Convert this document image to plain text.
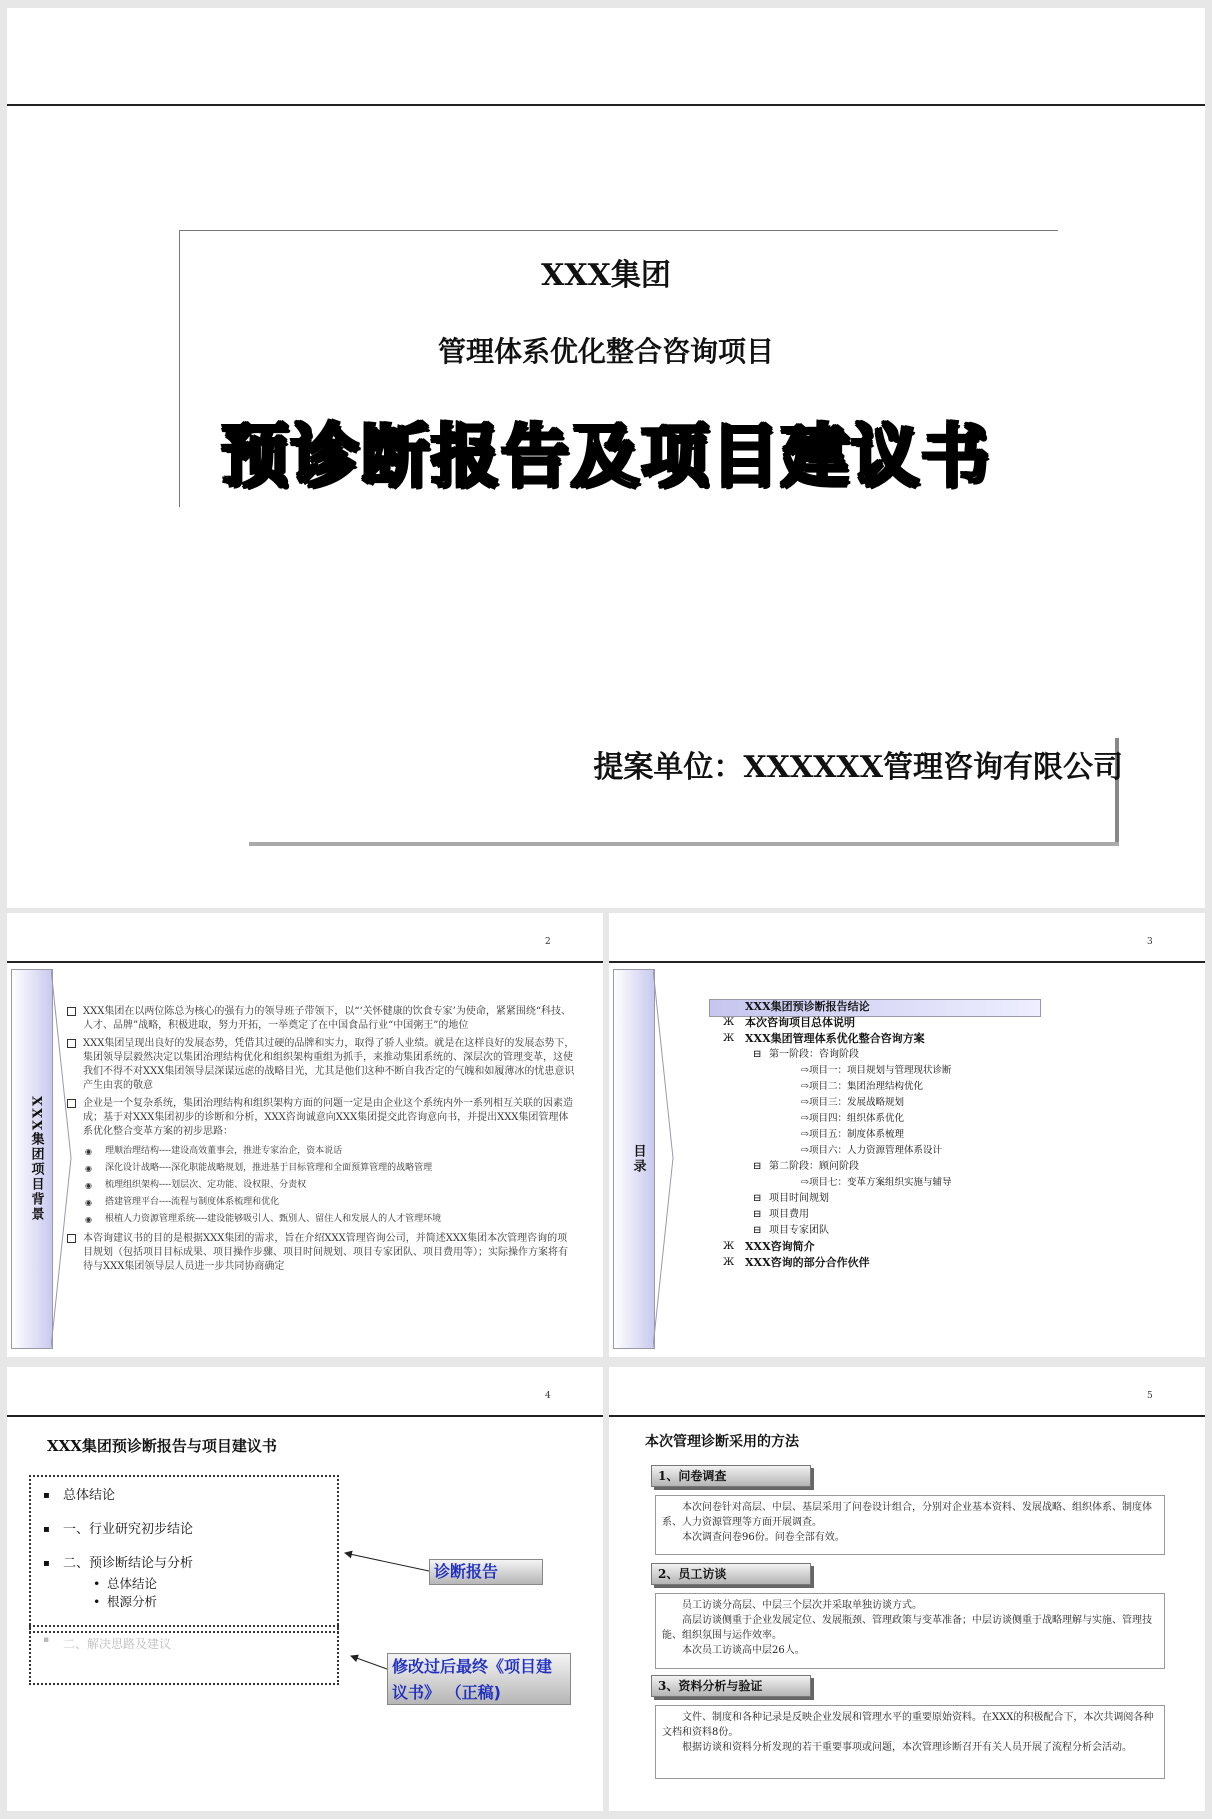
XXX集团
管理体系优化整合咨询项目
预诊断报告及项目建议书
提案单位：XXXXXX管理咨询有限公司
2
XXX集团项目背景
XXX集团在以两位陈总为核心的强有力的领导班子带领下，以“‘关怀健康的饮食专家’为使命，紧紧围绕“科技、人才、品牌”战略，积极进取，努力开拓，一举奠定了在中国食品行业“中国粥王”的地位
XXX集团呈现出良好的发展态势，凭借其过硬的品牌和实力，取得了骄人业绩。就是在这样良好的发展态势下，集团领导层毅然决定以集团治理结构优化和组织架构重组为抓手，来推动集团系统的、深层次的管理变革，这使我们不得不对XXX集团领导层深谋远虑的战略目光，尤其是他们这种不断自我否定的气魄和如履薄冰的忧患意识产生由衷的敬意
企业是一个复杂系统，集团治理结构和组织架构方面的问题一定是由企业这个系统内外一系列相互关联的因素造成；基于对XXX集团初步的诊断和分析，XXX咨询诚意向XXX集团提交此咨询意向书，并提出XXX集团管理体系优化整合变革方案的初步思路：
◉ 理顺治理结构----建设高效董事会，推进专家治企，资本说话
◉ 深化设计战略----深化职能战略规划，推进基于目标管理和全面预算管理的战略管理
◉ 梳理组织架构----划层次、定功能、设权限、分责权
◉ 搭建管理平台----流程与制度体系梳理和优化
◉ 根植人力资源管理系统----建设能够吸引人、甄别人、留住人和发展人的人才管理环境
本咨询建议书的目的是根据XXX集团的需求，旨在介绍XXX管理咨询公司，并简述XXX集团本次管理咨询的项目规划（包括项目目标成果、项目操作步骤、项目时间规划、项目专家团队、项目费用等）；实际操作方案将有待与XXX集团领导层人员进一步共同协商确定
3
目录
Ж XXX集团预诊断报告结论
Ж 本次咨询项目总体说明
Ж XXX集团管理体系优化整合咨询方案
⊟ 第一阶段：咨询阶段
⇨项目一：项目规划与管理现状诊断
⇨项目二：集团治理结构优化
⇨项目三：发展战略规划
⇨项目四：组织体系优化
⇨项目五：制度体系梳理
⇨项目六：人力资源管理体系设计
⊟ 第二阶段：顾问阶段
⇨项目七：变革方案组织实施与辅导
⊟ 项目时间规划
⊟ 项目费用
⊟ 项目专家团队
Ж XXX咨询简介
Ж XXX咨询的部分合作伙伴
4
XXX集团预诊断报告与项目建议书
▪ 总体结论
▪ 一、行业研究初步结论
▪ 二、预诊断结论与分析
• 总体结论
• 根源分析
▪ 二、解决思路及建议
诊断报告
修改过后最终《项目建议书》 （正稿)
5
本次管理诊断采用的方法
1、问卷调查

本次问卷针对高层、中层、基层采用了问卷设计组合，分别对企业基本资料、发展战略、组织体系、制度体系、人力资源管理等方面开展调查。

本次调查问卷96份。问卷全部有效。

2、员工访谈

员工访谈分高层、中层三个层次并采取单独访谈方式。

高层访谈侧重于企业发展定位、发展瓶颈、管理政策与变革准备；中层访谈侧重于战略理解与实施、管理技能、组织氛围与运作效率。

本次员工访谈高中层26人。

3、资料分析与验证

文件、制度和各种记录是反映企业发展和管理水平的重要原始资料。在XXX的积极配合下，本次共调阅各种文档和资料8份。

根据访谈和资料分析发现的若干重要事项或问题，本次管理诊断召开有关人员开展了流程分析会活动。
